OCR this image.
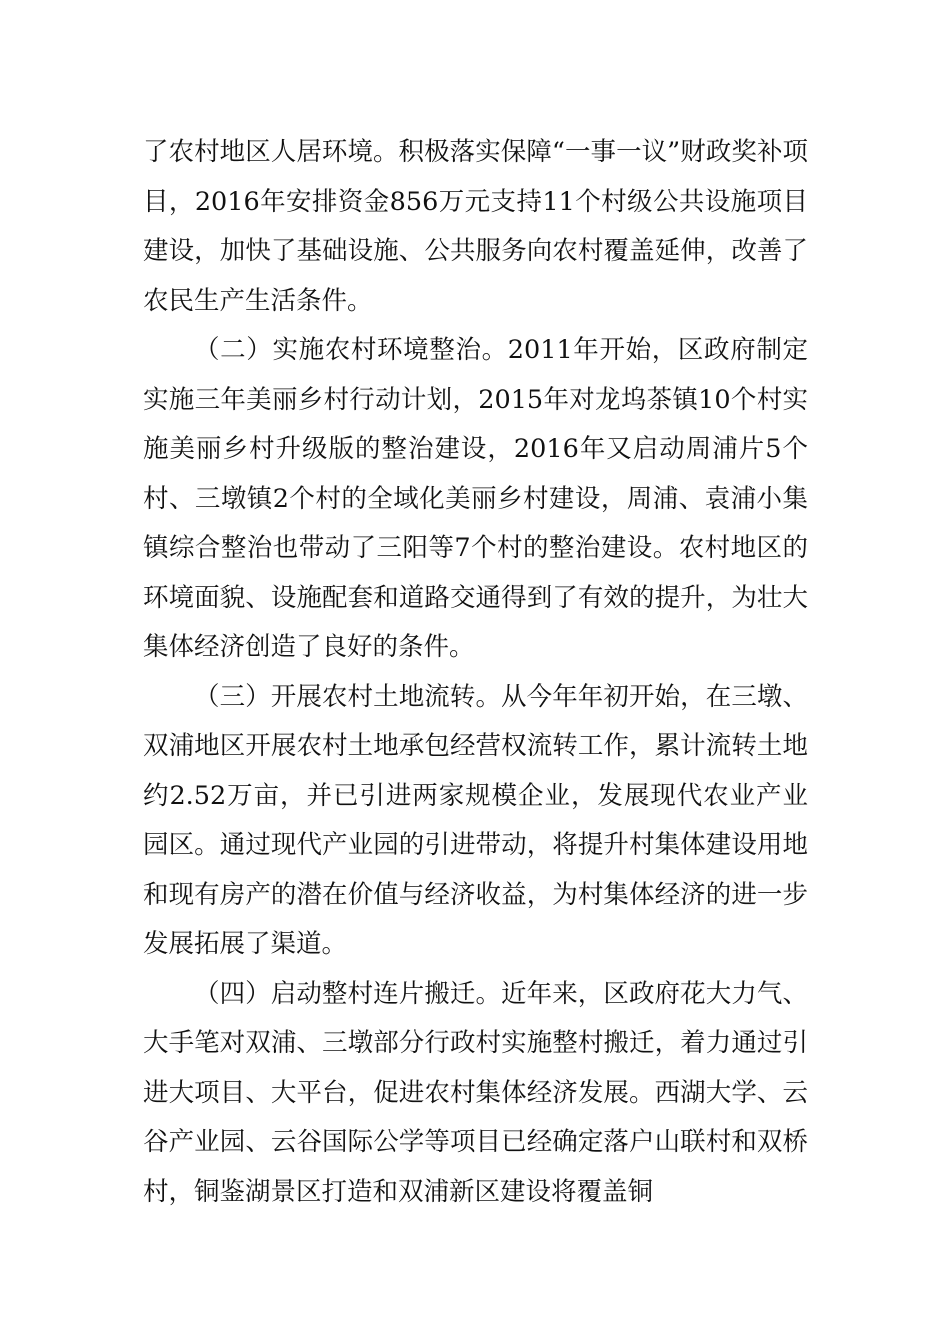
了农村地区人居环境。积极落实保障“一事一议”财政奖补项目，2016年安排资金856万元支持11个村级公共设施项目建设，加快了基础设施、公共服务向农村覆盖延伸，改善了农民生产生活条件。

（二）实施农村环境整治。2011年开始，区政府制定实施三年美丽乡村行动计划，2015年对龙坞茶镇10个村实施美丽乡村升级版的整治建设，2016年又启动周浦片5个村、三墩镇2个村的全域化美丽乡村建设，周浦、袁浦小集镇综合整治也带动了三阳等7个村的整治建设。农村地区的环境面貌、设施配套和道路交通得到了有效的提升，为壮大集体经济创造了良好的条件。

（三）开展农村土地流转。从今年年初开始，在三墩、双浦地区开展农村土地承包经营权流转工作，累计流转土地约2.52万亩，并已引进两家规模企业，发展现代农业产业园区。通过现代产业园的引进带动，将提升村集体建设用地和现有房产的潜在价值与经济收益，为村集体经济的进一步发展拓展了渠道。

（四）启动整村连片搬迁。近年来，区政府花大力气、大手笔对双浦、三墩部分行政村实施整村搬迁，着力通过引进大项目、大平台，促进农村集体经济发展。西湖大学、云谷产业园、云谷国际公学等项目已经确定落户山联村和双桥村，铜鉴湖景区打造和双浦新区建设将覆盖铜
